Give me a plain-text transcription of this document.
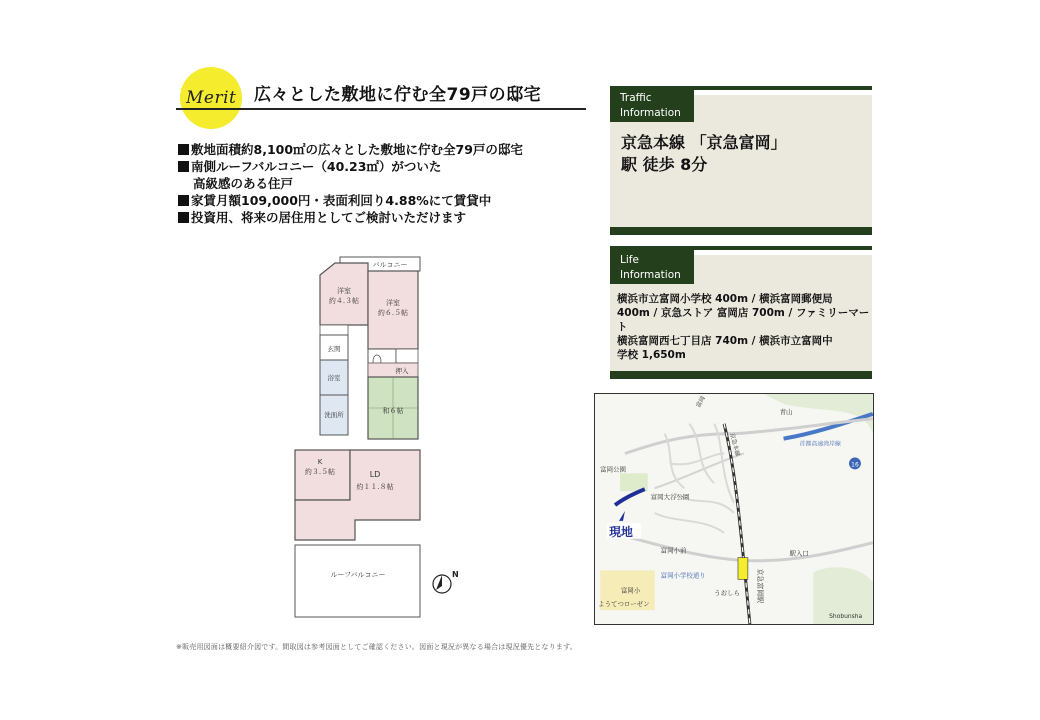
Merit 広々とした敷地に佇む全79戸の邸宅
敷地面積約8,100㎡の広々とした敷地に佇む全79戸の邸宅
南側ルーフバルコニー（40.23㎡）がついた
高級感のある住戸
家賃月額109,000円・表面利回り4.88%にて賃貸中
投資用、将来の居住用としてご検討いただけます
Traffic
Information
京急本線 「京急富岡」
駅 徒歩 8分
Life
Information
横浜市立富岡小学校 400m / 横浜富岡郵便局
400m / 京急ストア 富岡店 700m / ファミリーマート
横浜富岡西七丁目店 740m / 横浜市立富岡中
学校 1,650m
バルコニー
洋室
約４.３帖	洋室
約６.５帖
玄関
押入
浴室
洗面所	和６帖
K
約３.５帖	LD
約１１.８帖
ルーフバルコニー	N
首都高速湾岸線
富岡公園
富岡大谷公園
現地
京急本線
京急富岡駅
駅入口
富岡小前
富岡小学校通り
富岡小
ようてつローゼン
うおしら
青山
富岡
16
Shobunsha
※販売用図面は概要紹介図です。間取図は参考図面としてご確認ください。図面と現況が異なる場合は現況優先となります。
